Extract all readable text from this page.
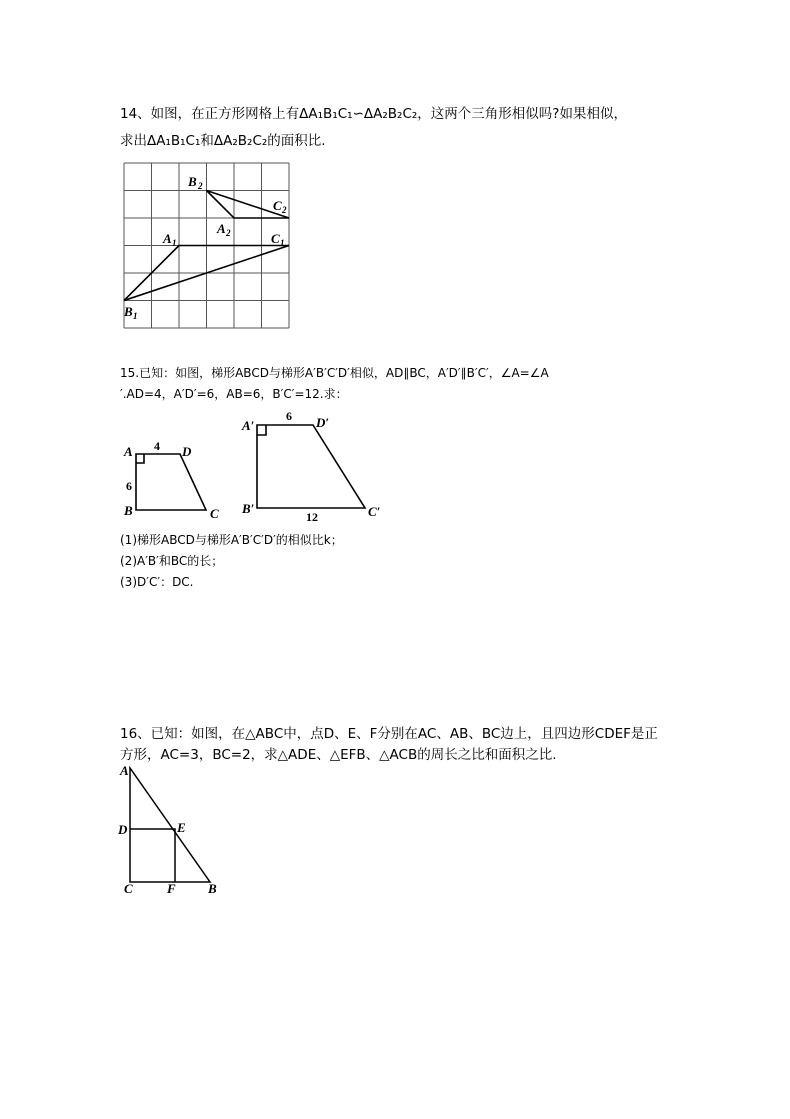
14、如图，在正方形网格上有ΔA₁B₁C₁∽ΔA₂B₂C₂，这两个三角形相似吗?如果相似，
求出ΔA₁B₁C₁和ΔA₂B₂C₂的面积比.
B 2
C 2
A 2
A 1	C 1
B 1
15.已知：如图，梯形ABCD与梯形A′B′C′D′相似，AD∥BC，A′D′∥B′C′，∠A=∠A
′.AD=4，A′D′=6，AB=6，B′C′=12.求：
A	D
B	C
4
6
A′	D′
B′	C′
6
12
(1)梯形ABCD与梯形A′B′C′D′的相似比k；
(2)A′B′和BC的长；
(3)D′C′：DC.
16、已知：如图，在△ABC中，点D、E、F分别在AC、AB、BC边上，且四边形CDEF是正
方形，AC=3，BC=2，求△ADE、△EFB、△ACB的周长之比和面积之比.
A
D	E
C	F B
